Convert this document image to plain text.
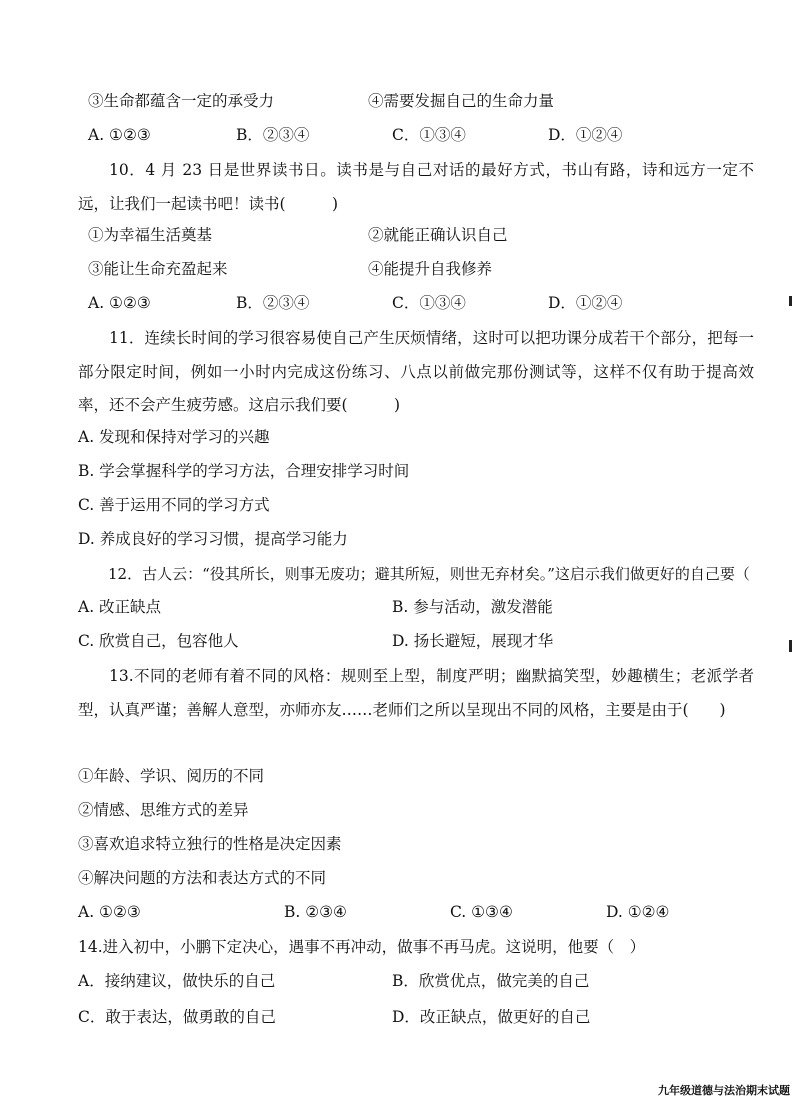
③生命都蕴含一定的承受力	④需要发掘自己的生命力量
A. ①②③	B．②③④	C．①③④	D．①②④
10．4 月 23 日是世界读书日。读书是与自己对话的最好方式，书山有路，诗和远方一定不远，让我们一起读书吧！读书(　　　)
①为幸福生活奠基	②就能正确认识自己
③能让生命充盈起来	④能提升自我修养
A. ①②③	B．②③④	C．①③④	D．①②④
11．连续长时间的学习很容易使自己产生厌烦情绪，这时可以把功课分成若干个部分，把每一部分限定时间，例如一小时内完成这份练习、八点以前做完那份测试等，这样不仅有助于提高效率，还不会产生疲劳感。这启示我们要(　　　)
A. 发现和保持对学习的兴趣
B. 学会掌握科学的学习方法，合理安排学习时间
C. 善于运用不同的学习方式
D. 养成良好的学习习惯，提高学习能力
12．古人云：“役其所长，则事无废功；避其所短，则世无弃材矣。”这启示我们做更好的自己要（
A. 改正缺点	B. 参与活动，激发潜能
C. 欣赏自己，包容他人	D. 扬长避短，展现才华
13.不同的老师有着不同的风格：规则至上型，制度严明；幽默搞笑型，妙趣横生；老派学者型，认真严谨；善解人意型，亦师亦友……老师们之所以呈现出不同的风格，主要是由于(　　)
①年龄、学识、阅历的不同
②情感、思维方式的差异
③喜欢追求特立独行的性格是决定因素
④解决问题的方法和表达方式的不同
A. ①②③	B. ②③④	C. ①③④	D. ①②④
14.进入初中，小鹏下定决心，遇事不再冲动，做事不再马虎。这说明，他要（　）
A．接纳建议，做快乐的自己	B．欣赏优点，做完美的自己
C．敢于表达，做勇敢的自己	D．改正缺点，做更好的自己
九年级道德与法治期末试题
